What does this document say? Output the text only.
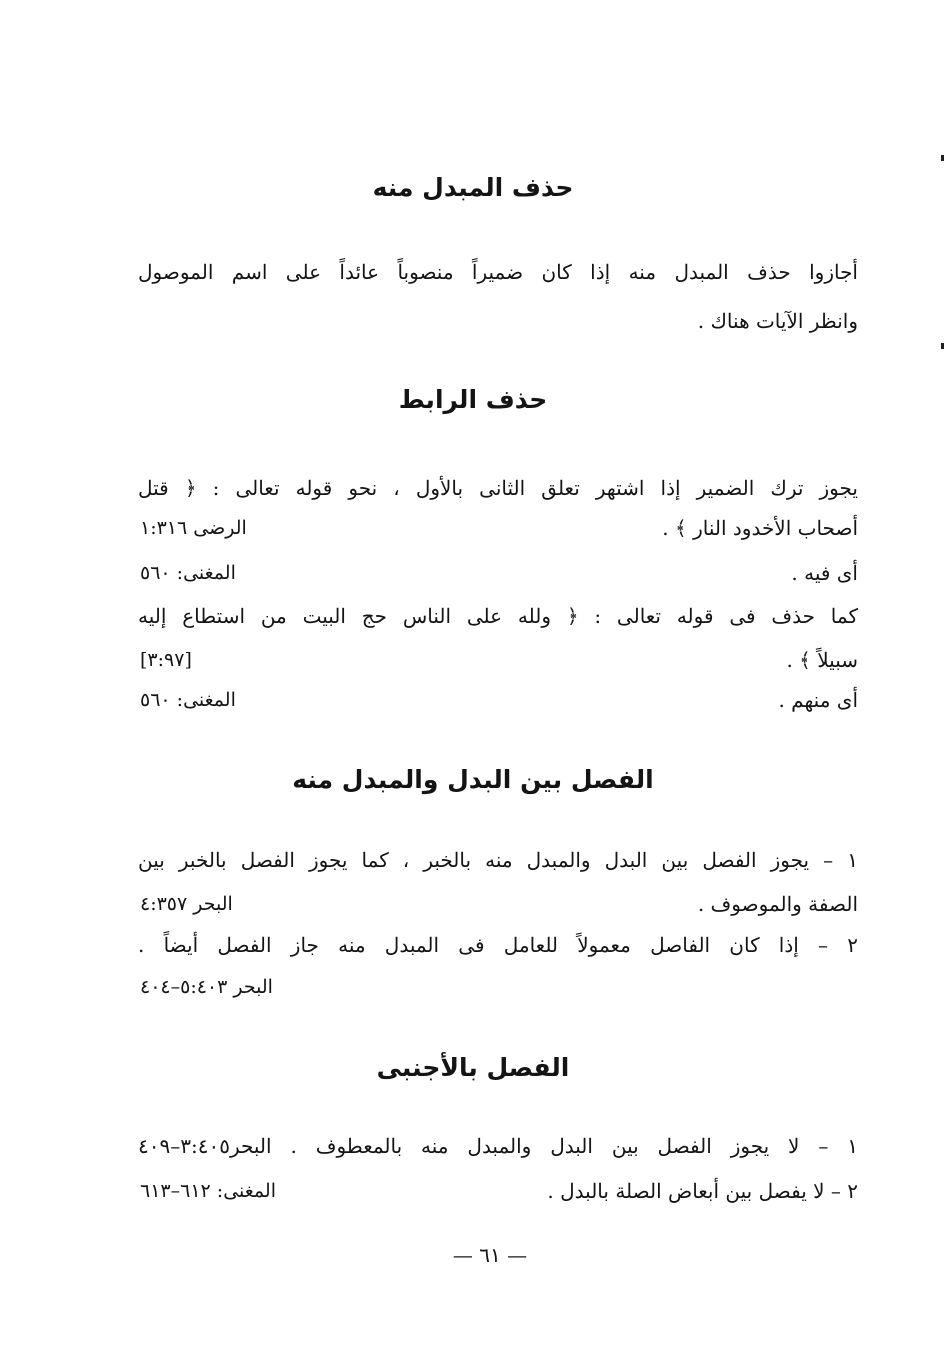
حذف المبدل منه
أجازوا حذف المبدل منه إذا كان ضميراً منصوباً عائداً على اسم الموصول
وانظر الآيات هناك .
حذف الرابط
يجوز ترك الضمير إذا اشتهر تعلق الثانى بالأول ، نحو قوله تعالى : ﴿ قتل
أصحاب الأخدود النار ﴾ .
الرضى ١:٣١٦
أى فيه .
المغنى: ٥٦٠
كما حذف فى قوله تعالى : ﴿ ولله على الناس حج البيت من استطاع إليه
سبيلاً ﴾ .
[٣:٩٧]
أى منهم .
المغنى: ٥٦٠
الفصل بين البدل والمبدل منه
١ – يجوز الفصل بين البدل والمبدل منه بالخبر ، كما يجوز الفصل بالخبر بين
الصفة والموصوف .
البحر ٤:٣٥٧
٢ – إذا كان الفاصل معمولاً للعامل فى المبدل منه جاز الفصل أيضاً .
البحر ٥:٤٠٣–٤٠٤
الفصل بالأجنبى
١ – لا يجوز الفصل بين البدل والمبدل منه بالمعطوف . البحر٣:٤٠٥–٤٠٩
٢ – لا يفصل بين أبعاض الصلة بالبدل .
المغنى: ٦١٢–٦١٣
— ٦١ —
